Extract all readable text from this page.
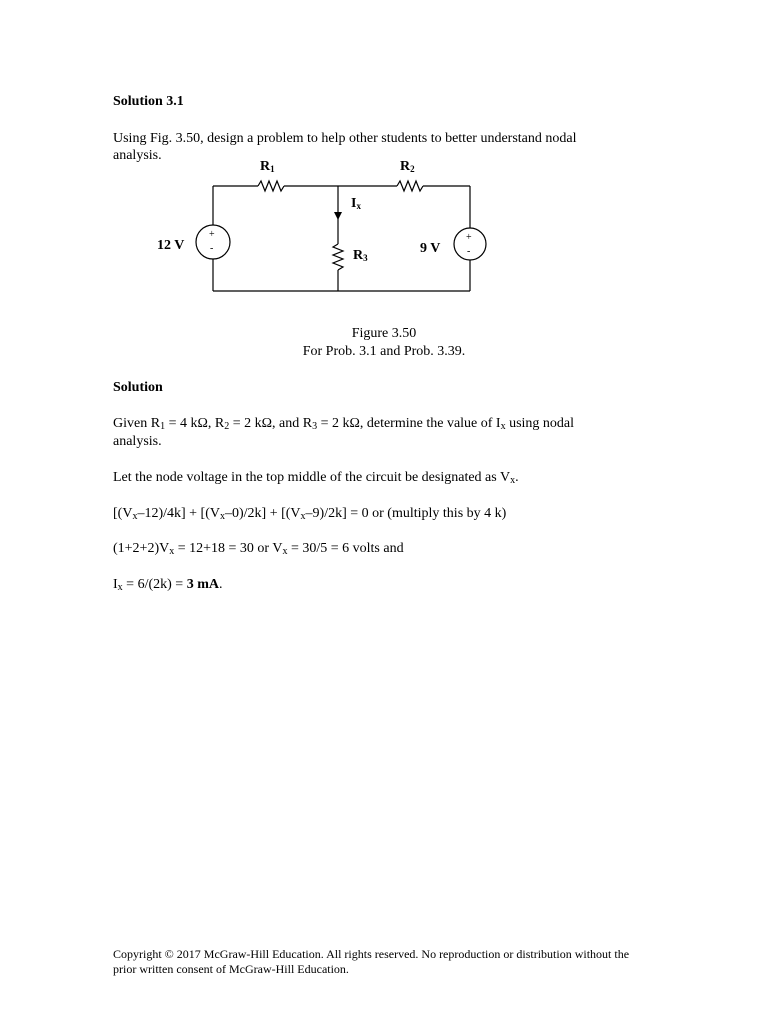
Solution 3.1
Using Fig. 3.50, design a problem to help other students to better understand nodal
analysis.
R1	R2
Ix
R3
12 V	9 V
+
-
+
-
Figure 3.50
For Prob. 3.1 and Prob. 3.39.
Solution
Given $R_1 = 4$ kΩ, $R_2 = 2$ kΩ, and $R_3 = 2$ kΩ, determine the value of $I_x$ using nodal
analysis.
Let the node voltage in the top middle of the circuit be designated as $V_x$.
$[(V_x-12)/4k] + [(V_x-0)/2k] + [(V_x-9)/2k] = 0$ or (multiply this by 4 k)
$(1+2+2)V_x = 12+18 = 30$ or $V_x = 30/5 = 6$ volts and
$I_x = 6/(2k) = 3$ mA.
Copyright © 2017 McGraw-Hill Education. All rights reserved. No reproduction or distribution without the
prior written consent of McGraw-Hill Education.
